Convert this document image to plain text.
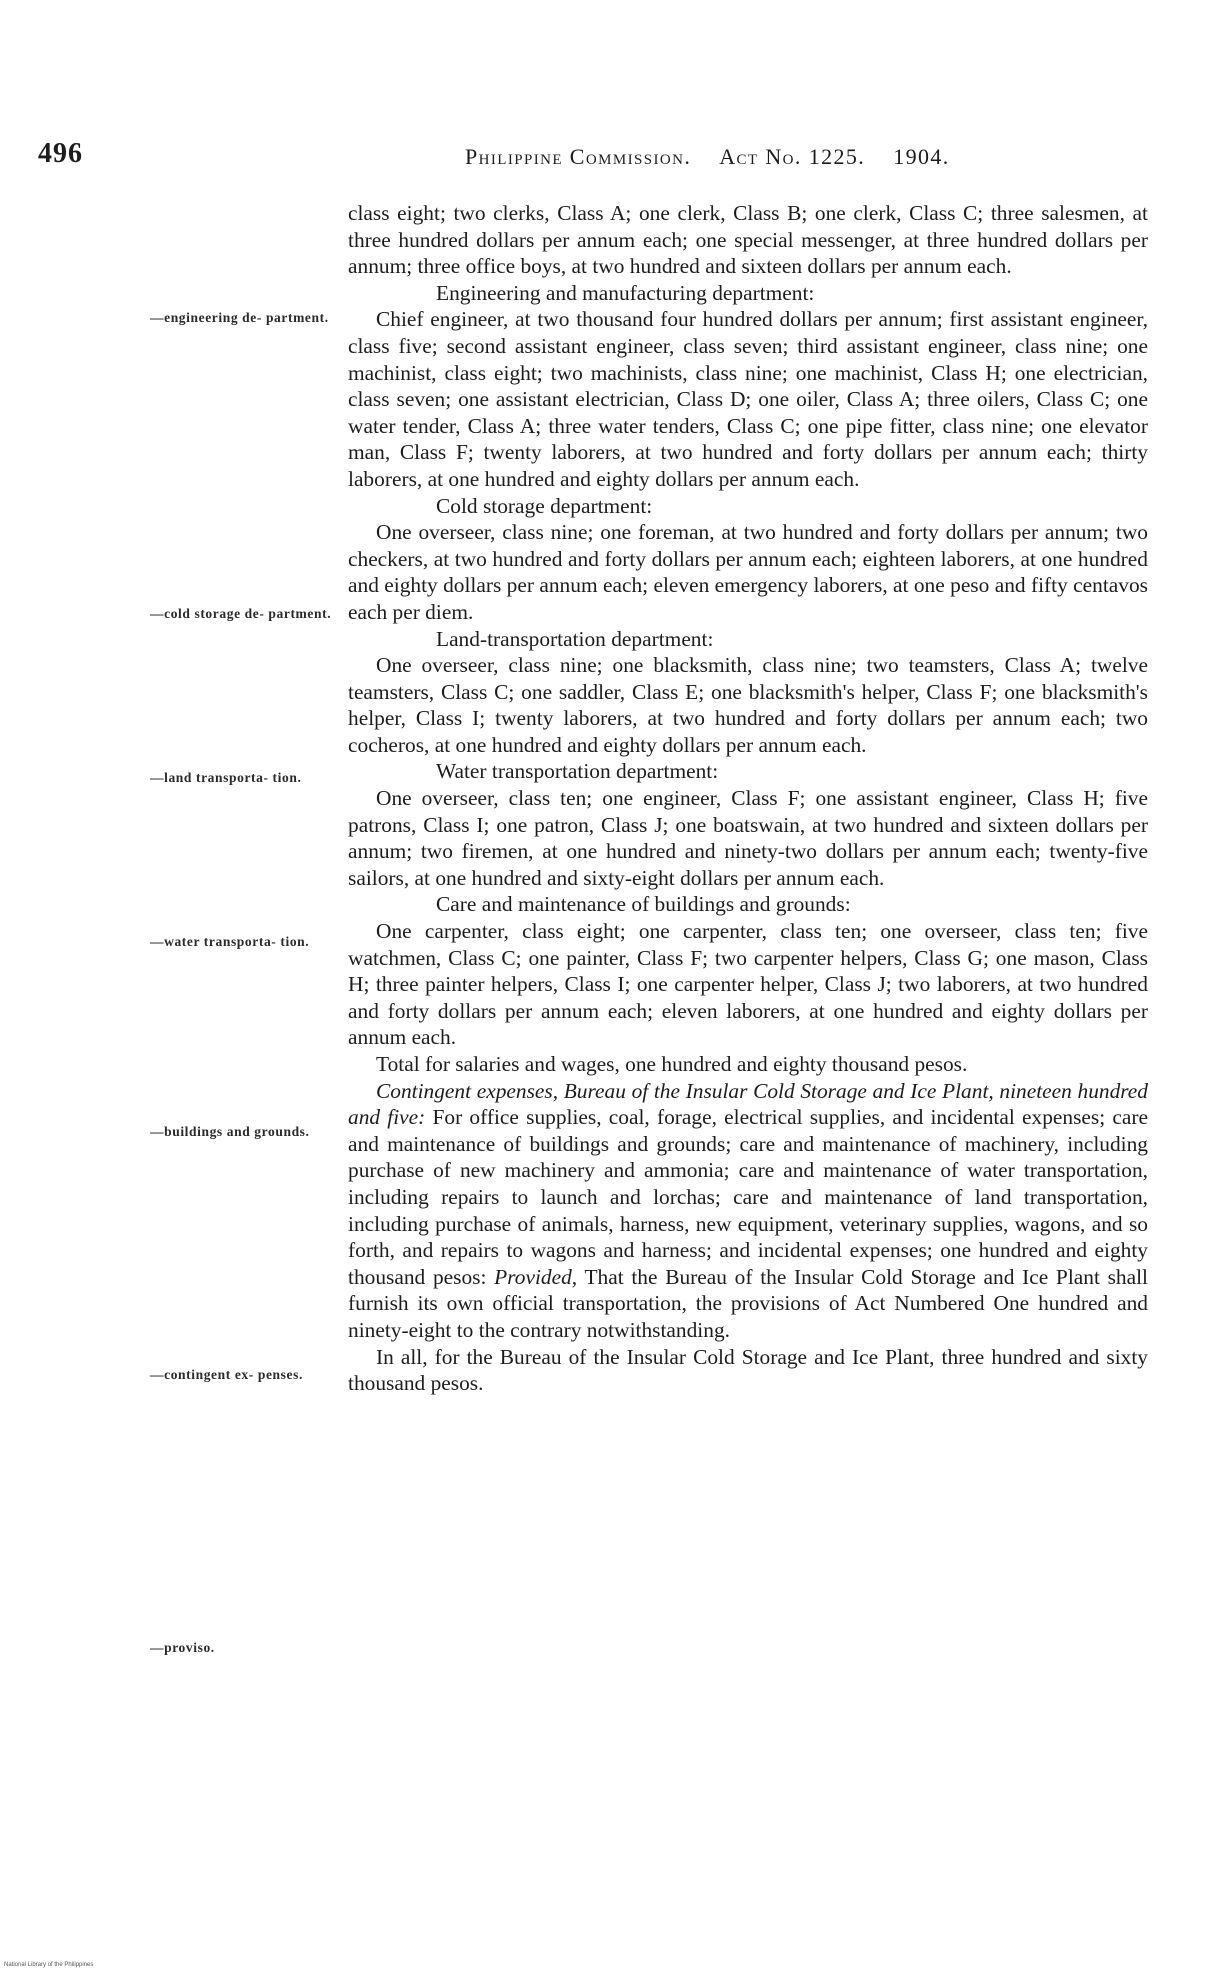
496	Philippine Commission. Act No. 1225. 1904.
—engineering de- partment.
—cold storage de- partment.
—land transporta- tion.
—water transporta- tion.
—buildings and grounds.
—contingent ex- penses.
—proviso.

class eight; two clerks, Class A; one clerk, Class B; one clerk, Class C; three salesmen, at three hundred dollars per annum each; one special messenger, at three hundred dollars per annum; three office boys, at two hundred and sixteen dollars per annum each.

Engineering and manufacturing department:

Chief engineer, at two thousand four hundred dollars per annum; first assistant engineer, class five; second assistant engineer, class seven; third assistant engineer, class nine; one machinist, class eight; two machinists, class nine; one machinist, Class H; one electrician, class seven; one assistant electrician, Class D; one oiler, Class A; three oilers, Class C; one water tender, Class A; three water tenders, Class C; one pipe fitter, class nine; one elevator man, Class F; twenty laborers, at two hundred and forty dollars per annum each; thirty laborers, at one hundred and eighty dollars per annum each.

Cold storage department:

One overseer, class nine; one foreman, at two hundred and forty dollars per annum; two checkers, at two hundred and forty dollars per annum each; eighteen laborers, at one hundred and eighty dollars per annum each; eleven emergency laborers, at one peso and fifty centavos each per diem.

Land-transportation department:

One overseer, class nine; one blacksmith, class nine; two teamsters, Class A; twelve teamsters, Class C; one saddler, Class E; one blacksmith's helper, Class F; one blacksmith's helper, Class I; twenty laborers, at two hundred and forty dollars per annum each; two cocheros, at one hundred and eighty dollars per annum each.

Water transportation department:

One overseer, class ten; one engineer, Class F; one assistant engineer, Class H; five patrons, Class I; one patron, Class J; one boatswain, at two hundred and sixteen dollars per annum; two firemen, at one hundred and ninety-two dollars per annum each; twenty-five sailors, at one hundred and sixty-eight dollars per annum each.

Care and maintenance of buildings and grounds:

One carpenter, class eight; one carpenter, class ten; one overseer, class ten; five watchmen, Class C; one painter, Class F; two carpenter helpers, Class G; one mason, Class H; three painter helpers, Class I; one carpenter helper, Class J; two laborers, at two hundred and forty dollars per annum each; eleven laborers, at one hundred and eighty dollars per annum each.

Total for salaries and wages, one hundred and eighty thousand pesos.

Contingent expenses, Bureau of the Insular Cold Storage and Ice Plant, nineteen hundred and five: For office supplies, coal, forage, electrical supplies, and incidental expenses; care and maintenance of buildings and grounds; care and maintenance of machinery, including purchase of new machinery and ammonia; care and maintenance of water transportation, including repairs to launch and lorchas; care and maintenance of land transportation, including purchase of animals, harness, new equipment, veterinary supplies, wagons, and so forth, and repairs to wagons and harness; and incidental expenses; one hundred and eighty thousand pesos: Provided, That the Bureau of the Insular Cold Storage and Ice Plant shall furnish its own official transportation, the provisions of Act Numbered One hundred and ninety-eight to the contrary notwithstanding.

In all, for the Bureau of the Insular Cold Storage and Ice Plant, three hundred and sixty thousand pesos.

National Library of the Philippines
